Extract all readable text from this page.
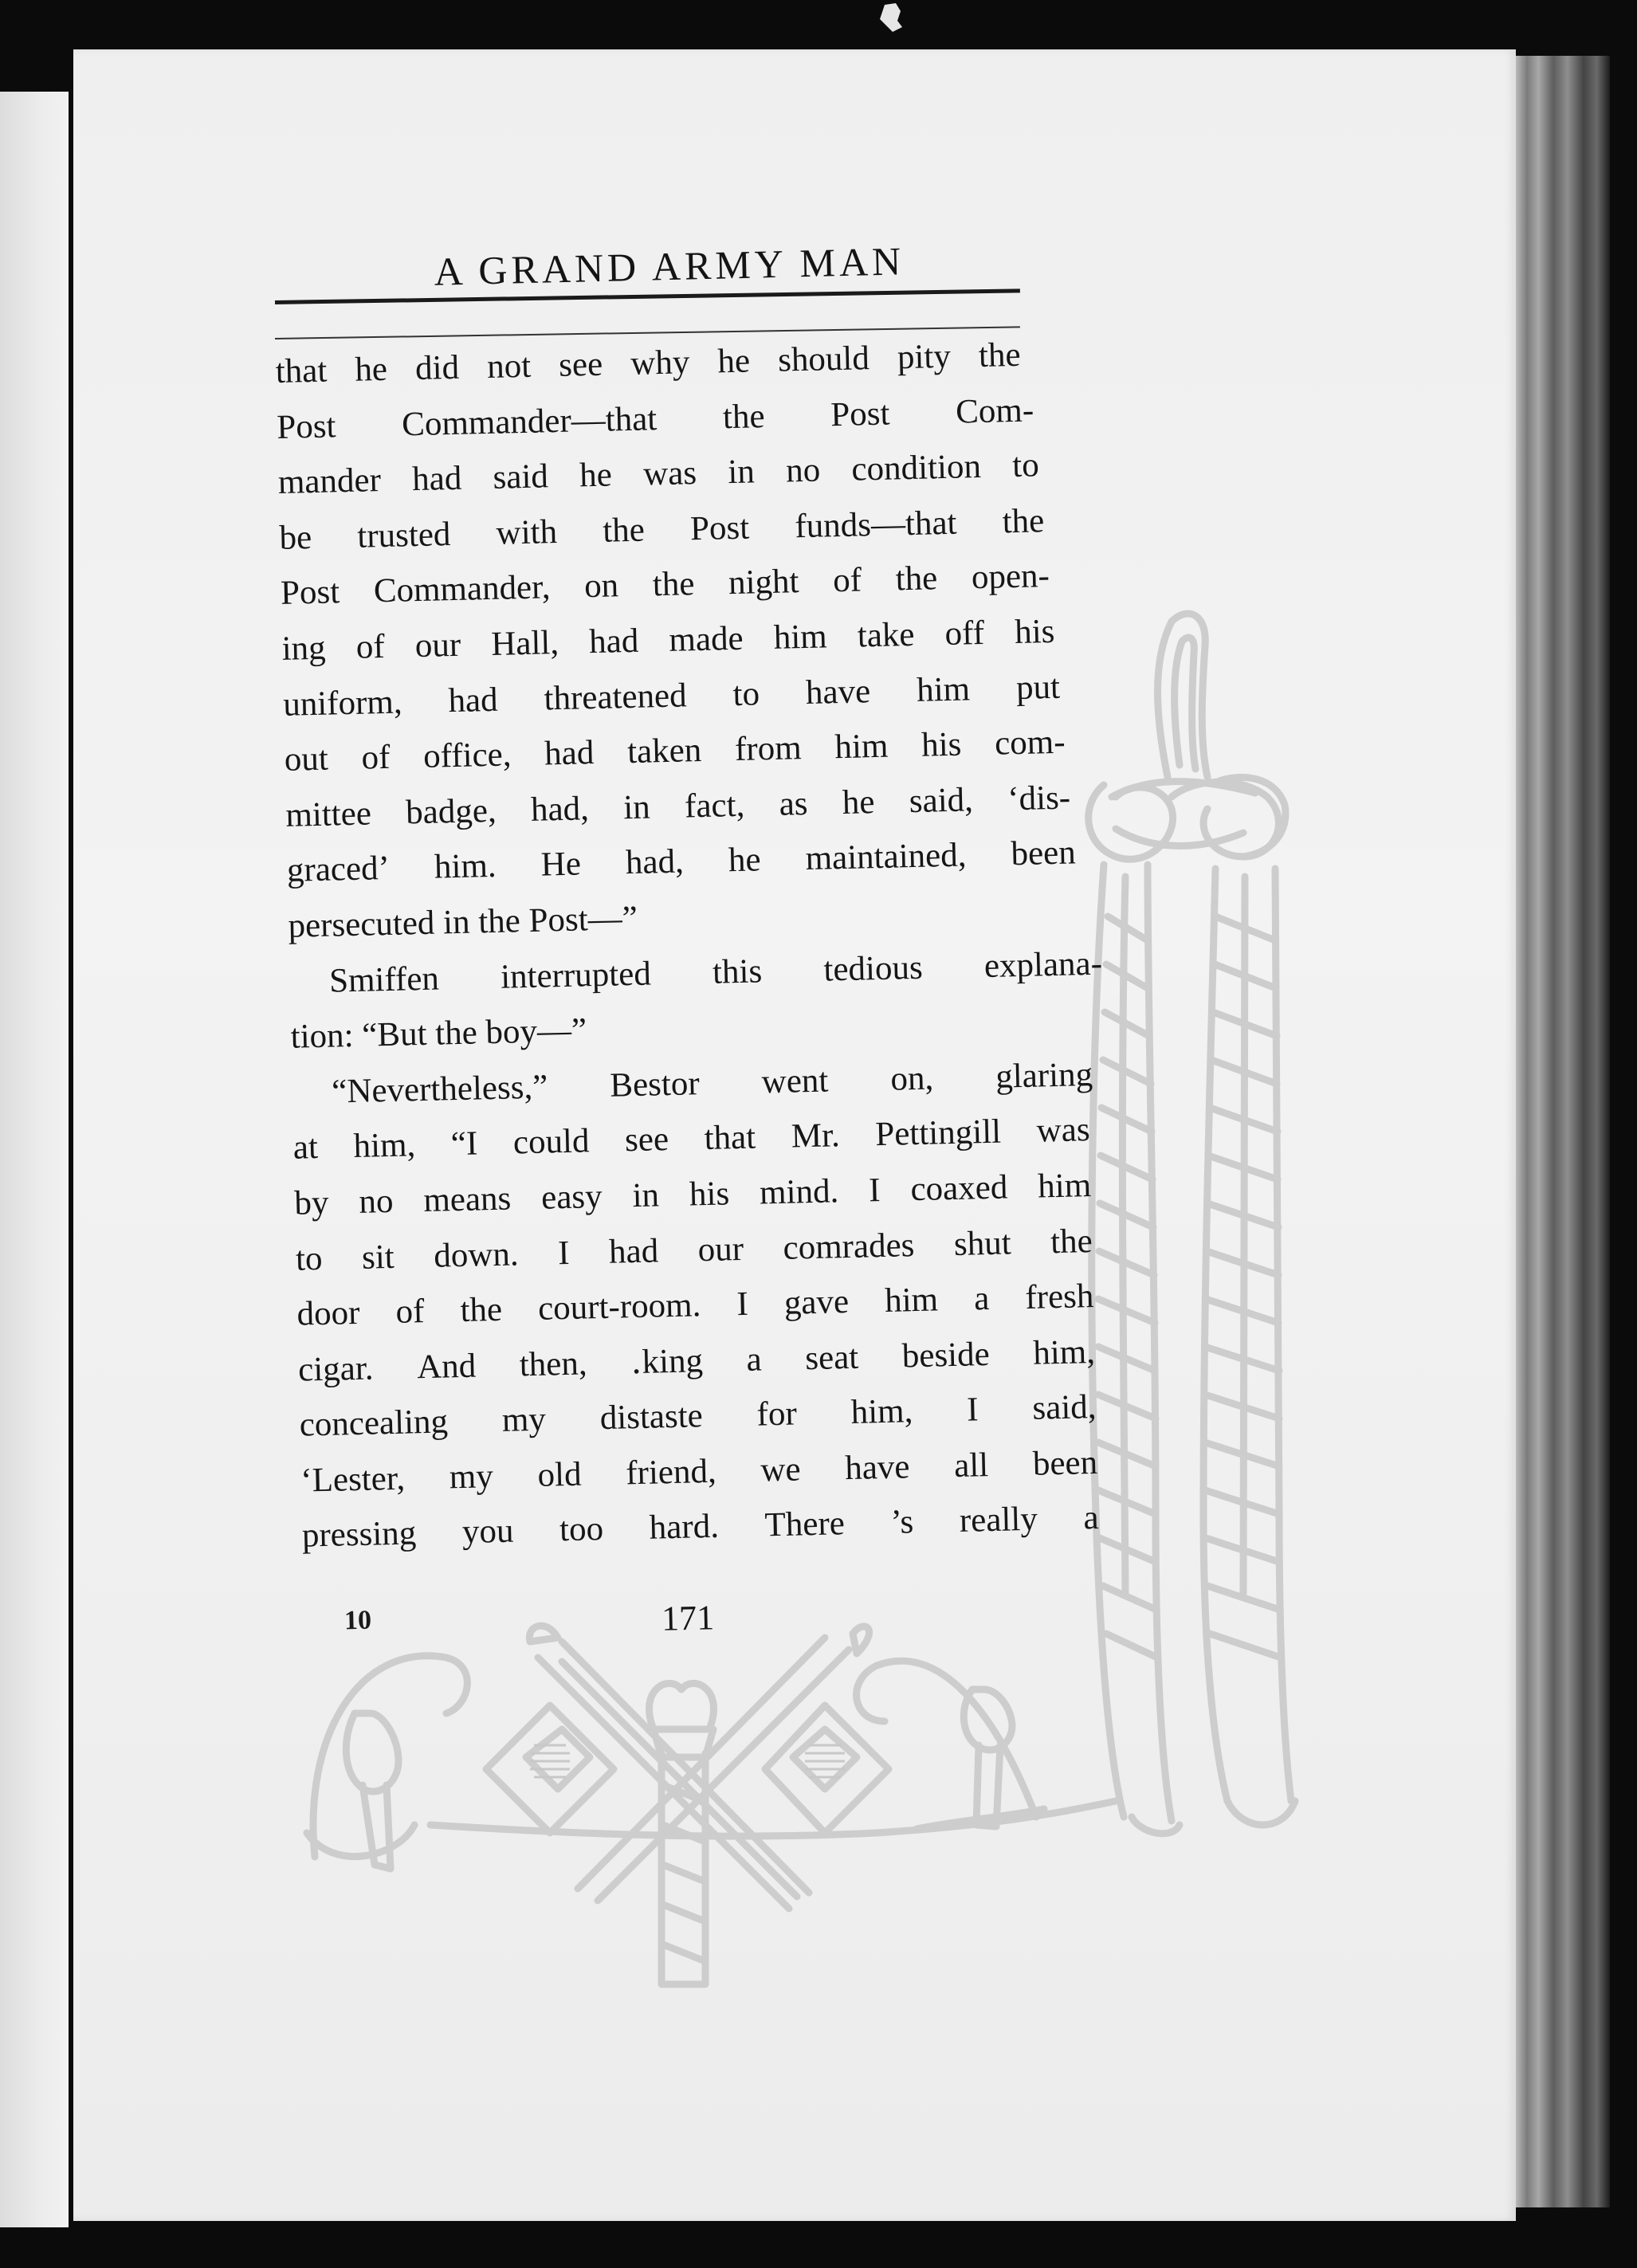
A GRAND ARMY MAN
that he did not see why he should pity the
Post Commander—that the Post Com-
mander had said he was in no condition to
be trusted with the Post funds—that the
Post Commander, on the night of the open-
ing of our Hall, had made him take off his
uniform, had threatened to have him put
out of office, had taken from him his com-
mittee badge, had, in fact, as he said, ‘dis-
graced’ him. He had, he maintained, been
persecuted in the Post—”
Smiffen interrupted this tedious explana-
tion: “But the boy—”
“Nevertheless,” Bestor went on, glaring
at him, “I could see that Mr. Pettingill was
by no means easy in his mind. I coaxed him
to sit down. I had our comrades shut the
door of the court-room. I gave him a fresh
cigar. And then, ․king a seat beside him,
concealing my distaste for him, I said,
‘Lester, my old friend, we have all been
pressing you too hard. There ’s really a
10	171
